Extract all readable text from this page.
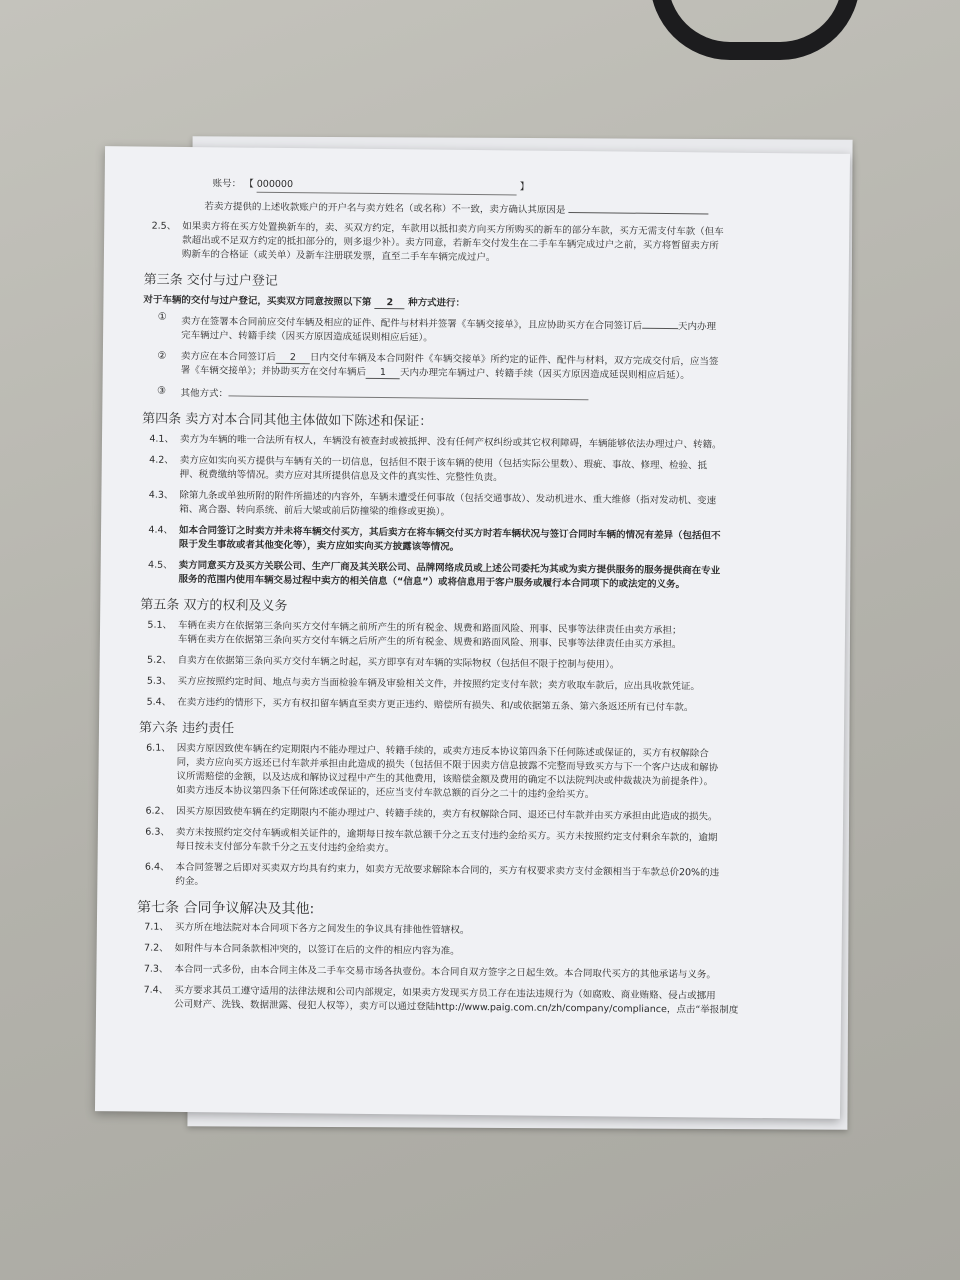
账号： 【 000000	】
若卖方提供的上述收款账户的开户名与卖方姓名（或名称）不一致，卖方确认其原因是
2.5、 如果卖方将在买方处置换新车的，卖、买双方约定，车款用以抵扣卖方向买方所购买的新车的部分车款，买方无需支付车款（但车
款超出或不足双方约定的抵扣部分的，则多退少补）。卖方同意，若新车交付发生在二手车车辆完成过户之前，买方将暂留卖方所
购新车的合格证（或关单）及新车注册联发票，直至二手车车辆完成过户。
第三条 交付与过户登记
对于车辆的交付与过户登记，买卖双方同意按照以下第 2 种方式进行：
①	卖方在签署本合同前应交付车辆及相应的证件、配件与材料并签署《车辆交接单》，且应协助买方在合同签订后	天内办理
完车辆过户、转籍手续（因买方原因造成延误则相应后延）。
②	卖方应在本合同签订后 2 日内交付车辆及本合同附件《车辆交接单》所约定的证件、配件与材料，双方完成交付后，应当签
署《车辆交接单》；并协助买方在交付车辆后 1 天内办理完车辆过户、转籍手续（因买方原因造成延误则相应后延）。
③	其他方式：
第四条 卖方对本合同其他主体做如下陈述和保证：
4.1、 卖方为车辆的唯一合法所有权人，车辆没有被查封或被抵押、没有任何产权纠纷或其它权利障碍，车辆能够依法办理过户、转籍。
4.2、 卖方应如实向买方提供与车辆有关的一切信息，包括但不限于该车辆的使用（包括实际公里数）、瑕疵、事故、修理、检验、抵
押、税费缴纳等情况。卖方应对其所提供信息及文件的真实性、完整性负责。
4.3、 除第九条或单独所附的附件所描述的内容外，车辆未遭受任何事故（包括交通事故）、发动机进水、重大维修（指对发动机、变速
箱、离合器、转向系统、前后大梁或前后防撞梁的维修或更换）。
4.4、 如本合同签订之时卖方并未将车辆交付买方，其后卖方在将车辆交付买方时若车辆状况与签订合同时车辆的情况有差异（包括但不
限于发生事故或者其他变化等），卖方应如实向买方披露该等情况。
4.5、 卖方同意买方及买方关联公司、生产厂商及其关联公司、品牌网络成员或上述公司委托为其或为卖方提供服务的服务提供商在专业
服务的范围内使用车辆交易过程中卖方的相关信息（“信息”）或将信息用于客户服务或履行本合同项下的或法定的义务。
第五条 双方的权利及义务
5.1、 车辆在卖方在依据第三条向买方交付车辆之前所产生的所有税金、规费和路面风险、刑事、民事等法律责任由卖方承担；
车辆在卖方在依据第三条向买方交付车辆之后所产生的所有税金、规费和路面风险、刑事、民事等法律责任由买方承担。
5.2、 自卖方在依据第三条向买方交付车辆之时起，买方即享有对车辆的实际物权（包括但不限于控制与使用）。
5.3、 买方应按照约定时间、地点与卖方当面检验车辆及审验相关文件，并按照约定支付车款；卖方收取车款后，应出具收款凭证。
5.4、 在卖方违约的情形下，买方有权扣留车辆直至卖方更正违约、赔偿所有损失、和/或依据第五条、第六条返还所有已付车款。
第六条 违约责任
6.1、 因卖方原因致使车辆在约定期限内不能办理过户、转籍手续的，或卖方违反本协议第四条下任何陈述或保证的，买方有权解除合
同，卖方应向买方返还已付车款并承担由此造成的损失（包括但不限于因卖方信息披露不完整而导致买方与下一个客户达成和解协
议所需赔偿的金额，以及达成和解协议过程中产生的其他费用，该赔偿金额及费用的确定不以法院判决或仲裁裁决为前提条件）。
如卖方违反本协议第四条下任何陈述或保证的，还应当支付车款总额的百分之二十的违约金给买方。
6.2、 因买方原因致使车辆在约定期限内不能办理过户、转籍手续的，卖方有权解除合同、退还已付车款并由买方承担由此造成的损失。
6.3、 卖方未按照约定交付车辆或相关证件的，逾期每日按车款总额千分之五支付违约金给买方。买方未按照约定支付剩余车款的，逾期
每日按未支付部分车款千分之五支付违约金给卖方。
6.4、 本合同签署之后即对买卖双方均具有约束力，如卖方无故要求解除本合同的，买方有权要求卖方支付金额相当于车款总价20%的违
约金。
第七条 合同争议解决及其他:
7.1、 买方所在地法院对本合同项下各方之间发生的争议具有排他性管辖权。
7.2、 如附件与本合同条款相冲突的，以签订在后的文件的相应内容为准。
7.3、 本合同一式多份，由本合同主体及二手车交易市场各执壹份。本合同自双方签字之日起生效。本合同取代买方的其他承诺与义务。
7.4、 买方要求其员工遵守适用的法律法规和公司内部规定，如果卖方发现买方员工存在违法违规行为（如腐败、商业贿赂、侵占或挪用
公司财产、洗钱、数据泄露、侵犯人权等），卖方可以通过登陆http://www.paig.com.cn/zh/company/compliance，点击“举报制度
